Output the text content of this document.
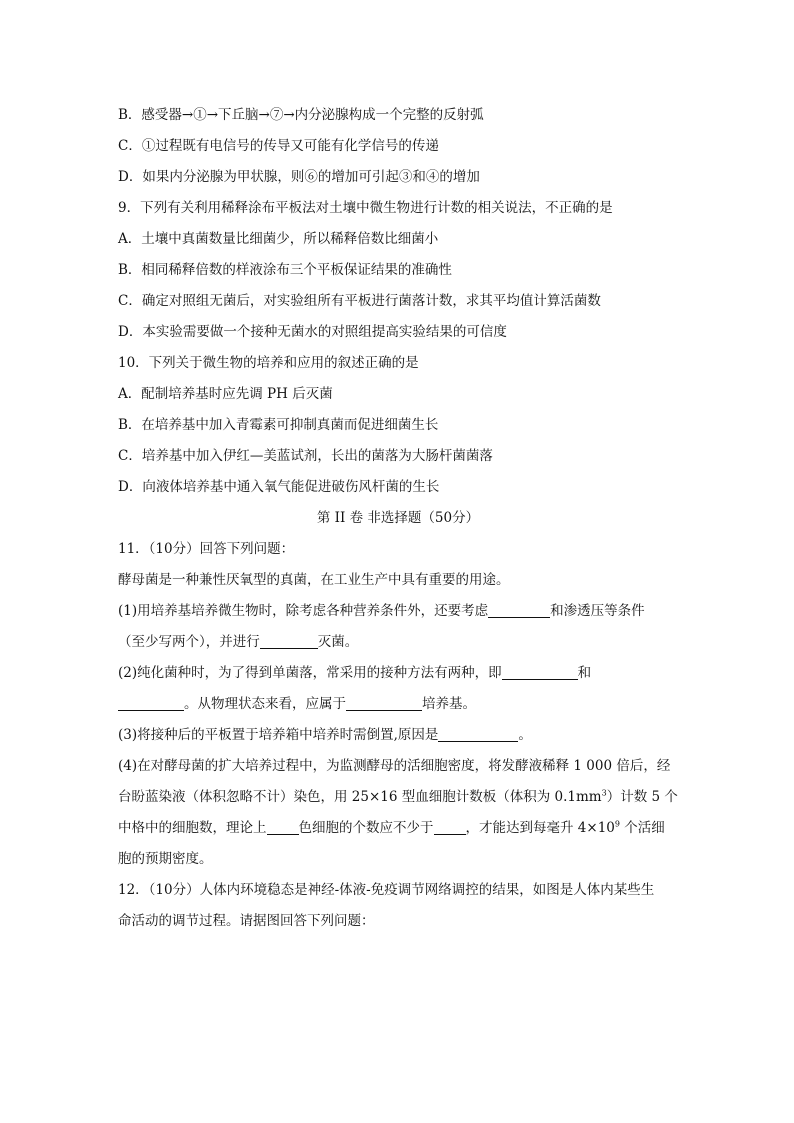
B．感受器→①→下丘脑→⑦→内分泌腺构成一个完整的反射弧
C．①过程既有电信号的传导又可能有化学信号的传递
D．如果内分泌腺为甲状腺，则⑥的增加可引起③和④的增加
9．下列有关利用稀释涂布平板法对土壤中微生物进行计数的相关说法，不正确的是
A．土壤中真菌数量比细菌少，所以稀释倍数比细菌小
B．相同稀释倍数的样液涂布三个平板保证结果的准确性
C．确定对照组无菌后，对实验组所有平板进行菌落计数，求其平均值计算活菌数
D．本实验需要做一个接种无菌水的对照组提高实验结果的可信度
10．下列关于微生物的培养和应用的叙述正确的是
A．配制培养基时应先调 PH 后灭菌
B．在培养基中加入青霉素可抑制真菌而促进细菌生长
C．培养基中加入伊红—美蓝试剂，长出的菌落为大肠杆菌菌落
D．向液体培养基中通入氧气能促进破伤风杆菌的生长
第 II 卷 非选择题（50分）
11．（10分）回答下列问题：
酵母菌是一种兼性厌氧型的真菌，在工业生产中具有重要的用途。
(1)用培养基培养微生物时，除考虑各种营养条件外，还要考虑	和渗透压等条件
（至少写两个），并进行	灭菌。
(2)纯化菌种时，为了得到单菌落，常采用的接种方法有两种，即	和
。从物理状态来看，应属于	培养基。
(3)将接种后的平板置于培养箱中培养时需倒置,原因是	。
(4)在对酵母菌的扩大培养过程中，为监测酵母的活细胞密度，将发酵液稀释 1 000 倍后，经
台盼蓝染液（体积忽略不计）染色，用 25×16 型血细胞计数板（体积为 $0.1mm^3$）计数 5 个
中格中的细胞数，理论上 色细胞的个数应不少于 ，才能达到每毫升 $4\times 10^9$ 个活细
胞的预期密度。
12．（10分）人体内环境稳态是神经-体液-免疫调节网络调控的结果，如图是人体内某些生
命活动的调节过程。请据图回答下列问题：
